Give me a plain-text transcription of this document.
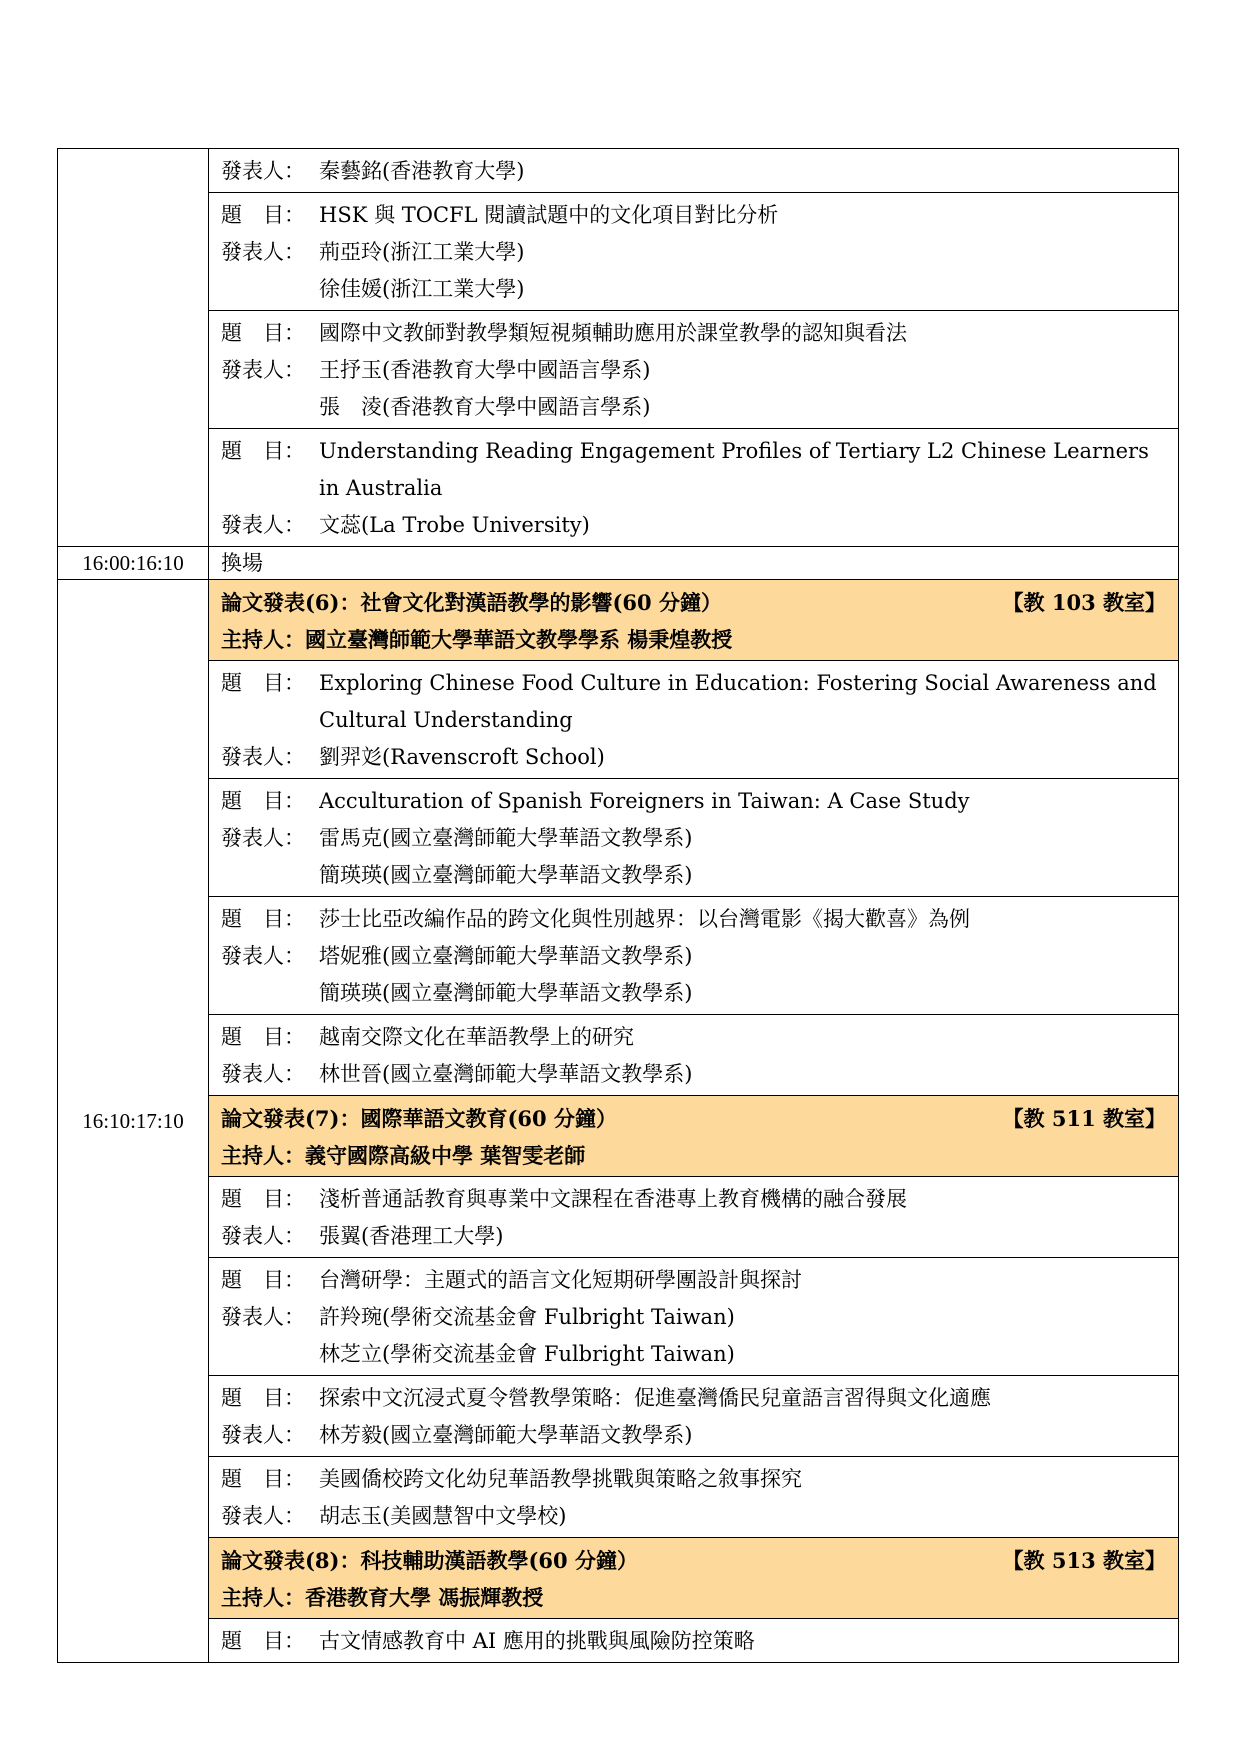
	發表人： 秦藝銘(香港教育大學)

	題　目： HSK 與 TOCFL 閱讀試題中的文化項目對比分析
發表人： 荊亞玲(浙江工業大學)
徐佳媛(浙江工業大學)

	題　目： 國際中文教師對教學類短視頻輔助應用於課堂教學的認知與看法
發表人： 王抒玉(香港教育大學中國語言學系)
張　淩(香港教育大學中國語言學系)

	題　目： Understanding Reading Engagement Profiles of Tertiary L2 Chinese Learners in Australia
發表人： 文蕊(La Trobe University)

16:00:16:10	換場

16:10:17:10	論文發表(6)：社會文化對漢語教學的影響(60 分鐘） 【教 103 教室】
主持人：國立臺灣師範大學華語文教學學系 楊秉煌教授

	題　目： Exploring Chinese Food Culture in Education: Fostering Social Awareness and Cultural Understanding
發表人： 劉羿彣(Ravenscroft School)

	題　目： Acculturation of Spanish Foreigners in Taiwan: A Case Study
發表人： 雷馬克(國立臺灣師範大學華語文教學系)
簡瑛瑛(國立臺灣師範大學華語文教學系)

	題　目： 莎士比亞改編作品的跨文化與性別越界：以台灣電影《揭大歡喜》為例
發表人： 塔妮雅(國立臺灣師範大學華語文教學系)
簡瑛瑛(國立臺灣師範大學華語文教學系)

	題　目： 越南交際文化在華語教學上的研究
發表人： 林世晉(國立臺灣師範大學華語文教學系)

	論文發表(7)：國際華語文教育(60 分鐘） 【教 511 教室】
主持人：義守國際高級中學 葉智雯老師

	題　目： 淺析普通話教育與專業中文課程在香港專上教育機構的融合發展
發表人： 張翼(香港理工大學)

	題　目： 台灣研學：主題式的語言文化短期研學團設計與探討
發表人： 許羚琬(學術交流基金會 Fulbright Taiwan)
林芝立(學術交流基金會 Fulbright Taiwan)

	題　目： 探索中文沉浸式夏令營教學策略：促進臺灣僑民兒童語言習得與文化適應
發表人： 林芳毅(國立臺灣師範大學華語文教學系)

	題　目： 美國僑校跨文化幼兒華語教學挑戰與策略之敘事探究
發表人： 胡志玉(美國慧智中文學校)

	論文發表(8)：科技輔助漢語教學(60 分鐘） 【教 513 教室】
主持人：香港教育大學 馮振輝教授

	題　目： 古文情感教育中 AI 應用的挑戰與風險防控策略
